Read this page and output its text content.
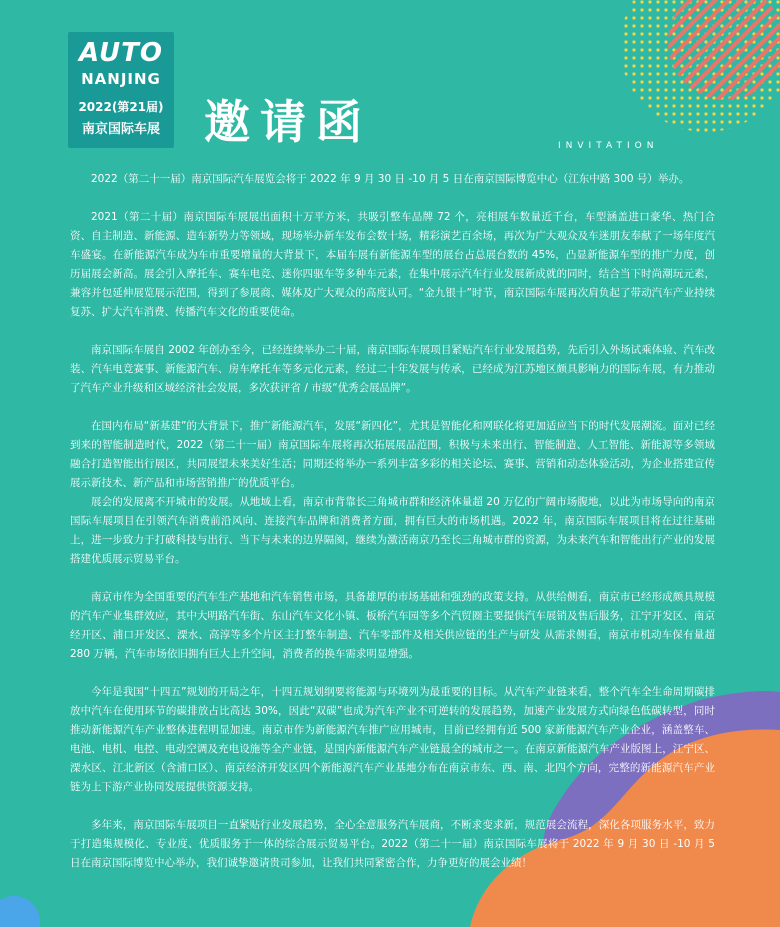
AUTO
NANJING
2022(第21届)
南京国际车展 邀请函	INVITATION

2022（第二十一届）南京国际汽车展览会将于 2022 年 9 月 30 日 -10 月 5 日在南京国际博览中心（江东中路 300 号）举办。

2021（第二十届）南京国际车展展出面积十万平方米，共吸引整车品牌 72 个，亮相展车数量近千台，车型涵盖进口豪华、热门合资、自主制造、新能源、造车新势力等领域，现场举办新车发布会数十场，精彩演艺百余场，再次为广大观众及车迷朋友奉献了一场年度汽车盛宴。在新能源汽车成为车市重要增量的大背景下，本届车展有新能源车型的展台占总展台数的 45%，凸显新能源车型的推广力度，创历届展会新高。展会引入摩托车、赛车电竞、迷你四驱车等多种车元素，在集中展示汽车行业发展新成就的同时，结合当下时尚潮玩元素，兼容并包延伸展览展示范围，得到了参展商、媒体及广大观众的高度认可。“金九银十”时节，南京国际车展再次肩负起了带动汽车产业持续复苏、扩大汽车消费、传播汽车文化的重要使命。

南京国际车展自 2002 年创办至今，已经连续举办二十届，南京国际车展项目紧贴汽车行业发展趋势，先后引入外场试乘体验、汽车改装、汽车电竞赛事、新能源汽车、房车摩托车等多元化元素，经过二十年发展与传承，已经成为江苏地区颇具影响力的国际车展，有力推动了汽车产业升级和区域经济社会发展，多次获评省 / 市级“优秀会展品牌”。

在国内布局“新基建”的大背景下，推广新能源汽车，发展“新四化”，尤其是智能化和网联化将更加适应当下的时代发展潮流。面对已经到来的智能制造时代，2022（第二十一届）南京国际车展将再次拓展展品范围，积极与未来出行、智能制造、人工智能、新能源等多领域融合打造智能出行展区，共同展望未来美好生活；同期还将举办一系列丰富多彩的相关论坛、赛事、营销和动态体验活动，为企业搭建宣传展示新技术、新产品和市场营销推广的优质平台。

展会的发展离不开城市的发展。从地域上看，南京市背靠长三角城市群和经济体量超 20 万亿的广阔市场腹地，以此为市场导向的南京国际车展项目在引领汽车消费前沿风向、连接汽车品牌和消费者方面，拥有巨大的市场机遇。2022 年，南京国际车展项目将在过往基础上，进一步致力于打破科技与出行、当下与未来的边界隔阂，继续为激活南京乃至长三角城市群的资源，为未来汽车和智能出行产业的发展搭建优质展示贸易平台。

南京市作为全国重要的汽车生产基地和汽车销售市场，具备雄厚的市场基础和强劲的政策支持。从供给侧看，南京市已经形成颇具规模的汽车产业集群效应，其中大明路汽车街、东山汽车文化小镇、板桥汽车园等多个汽贸圈主要提供汽车展销及售后服务，江宁开发区、南京经开区、浦口开发区、溧水、高淳等多个片区主打整车制造、汽车零部件及相关供应链的生产与研发 从需求侧看，南京市机动车保有量超 280 万辆，汽车市场依旧拥有巨大上升空间，消费者的换车需求明显增强。

今年是我国“十四五”规划的开局之年，十四五规划纲要将能源与环境列为最重要的目标。从汽车产业链来看，整个汽车全生命周期碳排放中汽车在使用环节的碳排放占比高达 30%，因此“双碳”也成为汽车产业不可逆转的发展趋势，加速产业发展方式向绿色低碳转型，同时推动新能源汽车产业整体进程明显加速。南京市作为新能源汽车推广应用城市，目前已经拥有近 500 家新能源汽车产业企业，涵盖整车、电池、电机、电控、电动空调及充电设施等全产业链，是国内新能源汽车产业链最全的城市之一。在南京新能源汽车产业版图上，江宁区、溧水区、江北新区（含浦口区）、南京经济开发区四个新能源汽车产业基地分布在南京市东、西、南、北四个方向，完整的新能源汽车产业链为上下游产业协同发展提供资源支持。

多年来，南京国际车展项目一直紧贴行业发展趋势，全心全意服务汽车展商，不断求变求新，规范展会流程，深化各项服务水平，致力于打造集规模化、专业度、优质服务于一体的综合展示贸易平台。2022（第二十一届）南京国际车展将于 2022 年 9 月 30 日 -10 月 5 日在南京国际博览中心举办，我们诚挚邀请贵司参加，让我们共同紧密合作，力争更好的展会业绩！
